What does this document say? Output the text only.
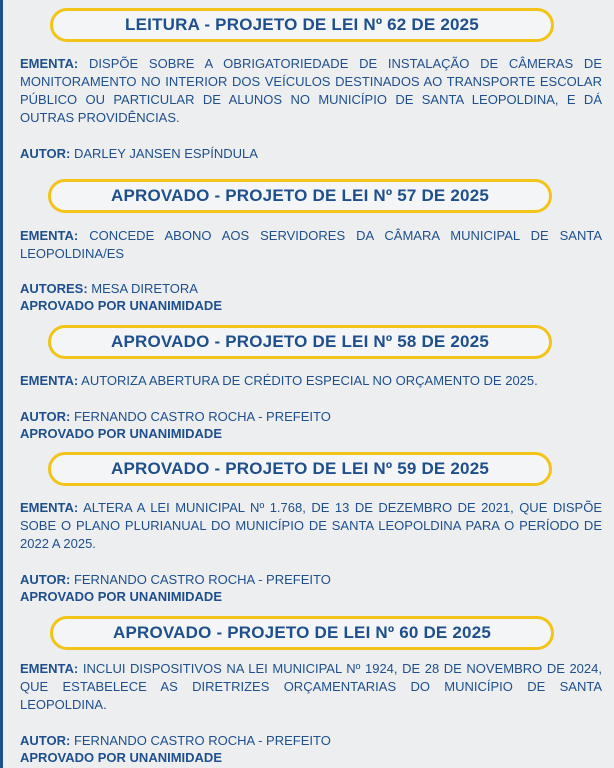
LEITURA - PROJETO DE LEI Nº 62 DE 2025
EMENTA: DISPÕE SOBRE A OBRIGATORIEDADE DE INSTALAÇÃO DE CÂMERAS DE MONITORAMENTO NO INTERIOR DOS VEÍCULOS DESTINADOS AO TRANSPORTE ESCOLAR PÚBLICO OU PARTICULAR DE ALUNOS NO MUNICÍPIO DE SANTA LEOPOLDINA, E DÁ OUTRAS PROVIDÊNCIAS.
AUTOR: DARLEY JANSEN ESPÍNDULA
APROVADO - PROJETO DE LEI Nº 57 DE 2025
EMENTA: CONCEDE ABONO AOS SERVIDORES DA CÂMARA MUNICIPAL DE SANTA LEOPOLDINA/ES
AUTORES: MESA DIRETORA
APROVADO POR UNANIMIDADE
APROVADO - PROJETO DE LEI Nº 58 DE 2025
EMENTA: AUTORIZA ABERTURA DE CRÉDITO ESPECIAL NO ORÇAMENTO DE 2025.
AUTOR: FERNANDO CASTRO ROCHA - PREFEITO
APROVADO POR UNANIMIDADE
APROVADO - PROJETO DE LEI Nº 59 DE 2025
EMENTA: ALTERA A LEI MUNICIPAL Nº 1.768, DE 13 DE DEZEMBRO DE 2021, QUE DISPÕE SOBE O PLANO PLURIANUAL DO MUNICÍPIO DE SANTA LEOPOLDINA PARA O PERÍODO DE 2022 A 2025.
AUTOR: FERNANDO CASTRO ROCHA - PREFEITO
APROVADO POR UNANIMIDADE
APROVADO - PROJETO DE LEI Nº 60 DE 2025
EMENTA: INCLUI DISPOSITIVOS NA LEI MUNICIPAL Nº 1924, DE 28 DE NOVEMBRO DE 2024, QUE ESTABELECE AS DIRETRIZES ORÇAMENTARIAS DO MUNICÍPIO DE SANTA LEOPOLDINA.
AUTOR: FERNANDO CASTRO ROCHA - PREFEITO
APROVADO POR UNANIMIDADE
